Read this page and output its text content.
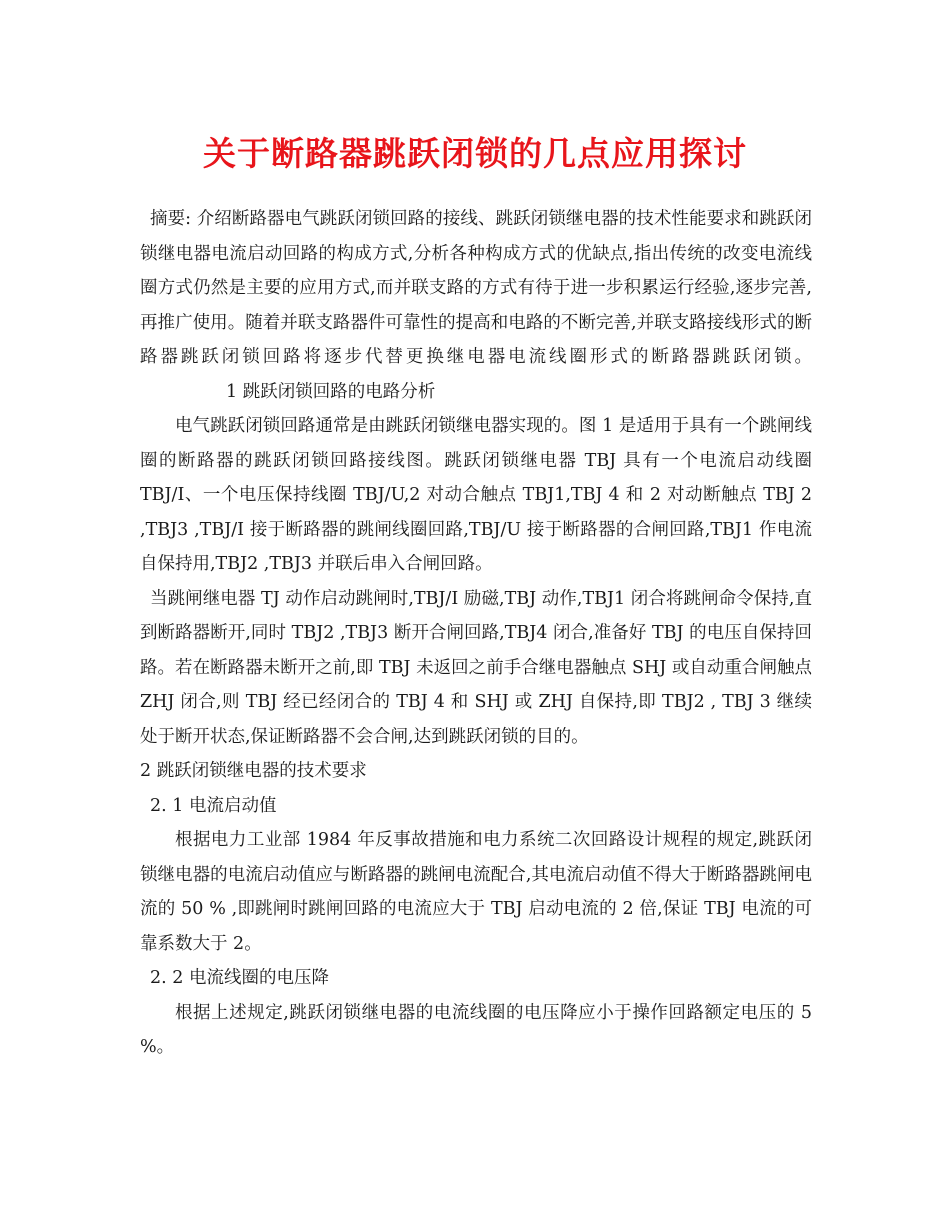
关于断路器跳跃闭锁的几点应用探讨

摘要: 介绍断路器电气跳跃闭锁回路的接线、跳跃闭锁继电器的技术性能要求和跳跃闭锁继电器电流启动回路的构成方式,分析各种构成方式的优缺点,指出传统的改变电流线圈方式仍然是主要的应用方式,而并联支路的方式有待于进一步积累运行经验,逐步完善,再推广使用。随着并联支路器件可靠性的提高和电路的不断完善,并联支路接线形式的断路器跳跃闭锁回路将逐步代替更换继电器电流线圈形式的断路器跳跃闭锁。1 跳跃闭锁回路的电路分析

电气跳跃闭锁回路通常是由跳跃闭锁继电器实现的。图 1 是适用于具有一个跳闸线圈的断路器的跳跃闭锁回路接线图。跳跃闭锁继电器 TBJ 具有一个电流启动线圈 TBJ/I、一个电压保持线圈 TBJ/U,2 对动合触点 TBJ1,TBJ 4 和 2 对动断触点 TBJ 2 ,TBJ3 ,TBJ/I 接于断路器的跳闸线圈回路,TBJ/U 接于断路器的合闸回路,TBJ1 作电流自保持用,TBJ2 ,TBJ3 并联后串入合闸回路。

当跳闸继电器 TJ 动作启动跳闸时,TBJ/I 励磁,TBJ 动作,TBJ1 闭合将跳闸命令保持,直到断路器断开,同时 TBJ2 ,TBJ3 断开合闸回路,TBJ4 闭合,准备好 TBJ 的电压自保持回路。若在断路器未断开之前,即 TBJ 未返回之前手合继电器触点 SHJ 或自动重合闸触点 ZHJ 闭合,则 TBJ 经已经闭合的 TBJ 4 和 SHJ 或 ZHJ 自保持,即 TBJ2 , TBJ 3 继续处于断开状态,保证断路器不会合闸,达到跳跃闭锁的目的。

2 跳跃闭锁继电器的技术要求

2. 1 电流启动值

根据电力工业部 1984 年反事故措施和电力系统二次回路设计规程的规定,跳跃闭锁继电器的电流启动值应与断路器的跳闸电流配合,其电流启动值不得大于断路器跳闸电流的 50 % ,即跳闸时跳闸回路的电流应大于 TBJ 启动电流的 2 倍,保证 TBJ 电流的可靠系数大于 2。

2. 2 电流线圈的电压降

根据上述规定,跳跃闭锁继电器的电流线圈的电压降应小于操作回路额定电压的 5 %。
